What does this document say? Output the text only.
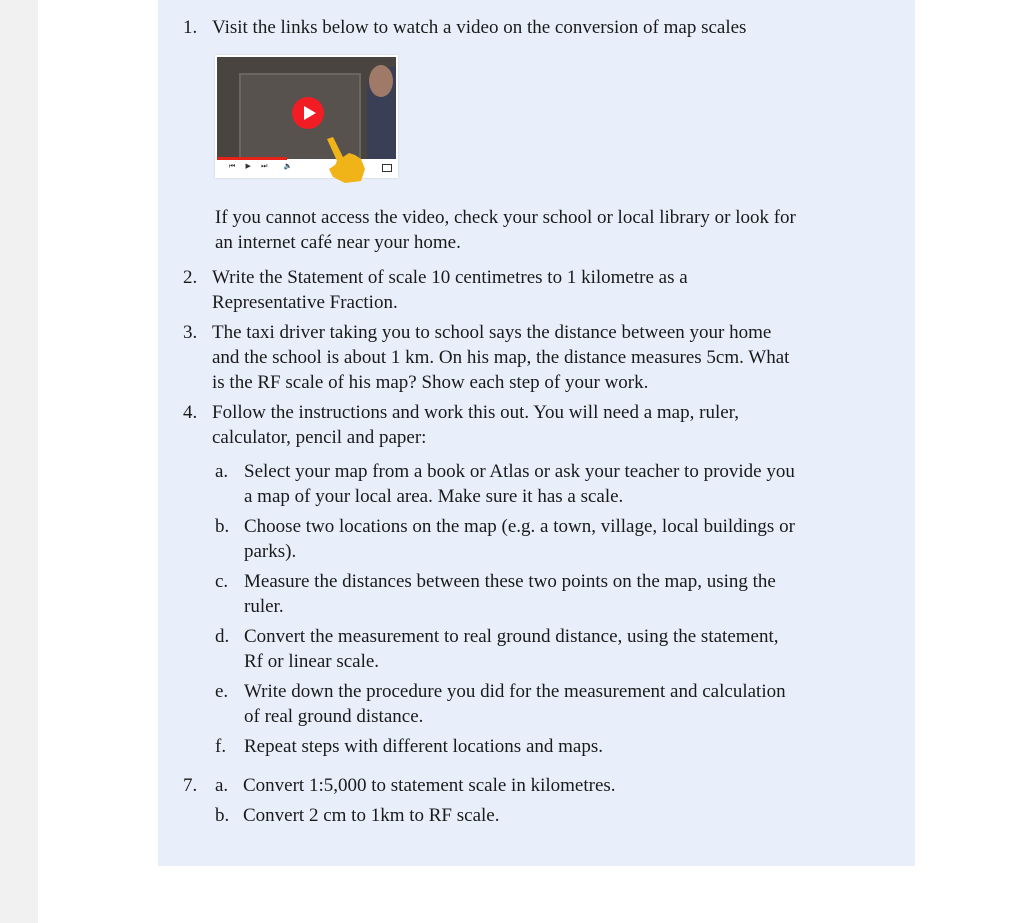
1. Visit the links below to watch a video on the conversion of map scales
⏮ ▶ ⏭  🔈
If you cannot access the video, check your school or local library or look for
an internet café near your home.
2. Write the Statement of scale 10 centimetres to 1 kilometre as a
Representative Fraction.
3. The taxi driver taking you to school says the distance between your home
and the school is about 1 km. On his map, the distance measures 5cm. What
is the RF scale of his map? Show each step of your work.
4. Follow the instructions and work this out. You will need a map, ruler,
calculator, pencil and paper:
a. Select your map from a book or Atlas or ask your teacher to provide you
a map of your local area. Make sure it has a scale.
b. Choose two locations on the map (e.g. a town, village, local buildings or
parks).
c. Measure the distances between these two points on the map, using the
ruler.
d. Convert the measurement to real ground distance, using the statement,
Rf or linear scale.
e. Write down the procedure you did for the measurement and calculation
of real ground distance.
f. Repeat steps with different locations and maps.
7. a. Convert 1:5,000 to statement scale in kilometres.
b. Convert 2 cm to 1km to RF scale.
